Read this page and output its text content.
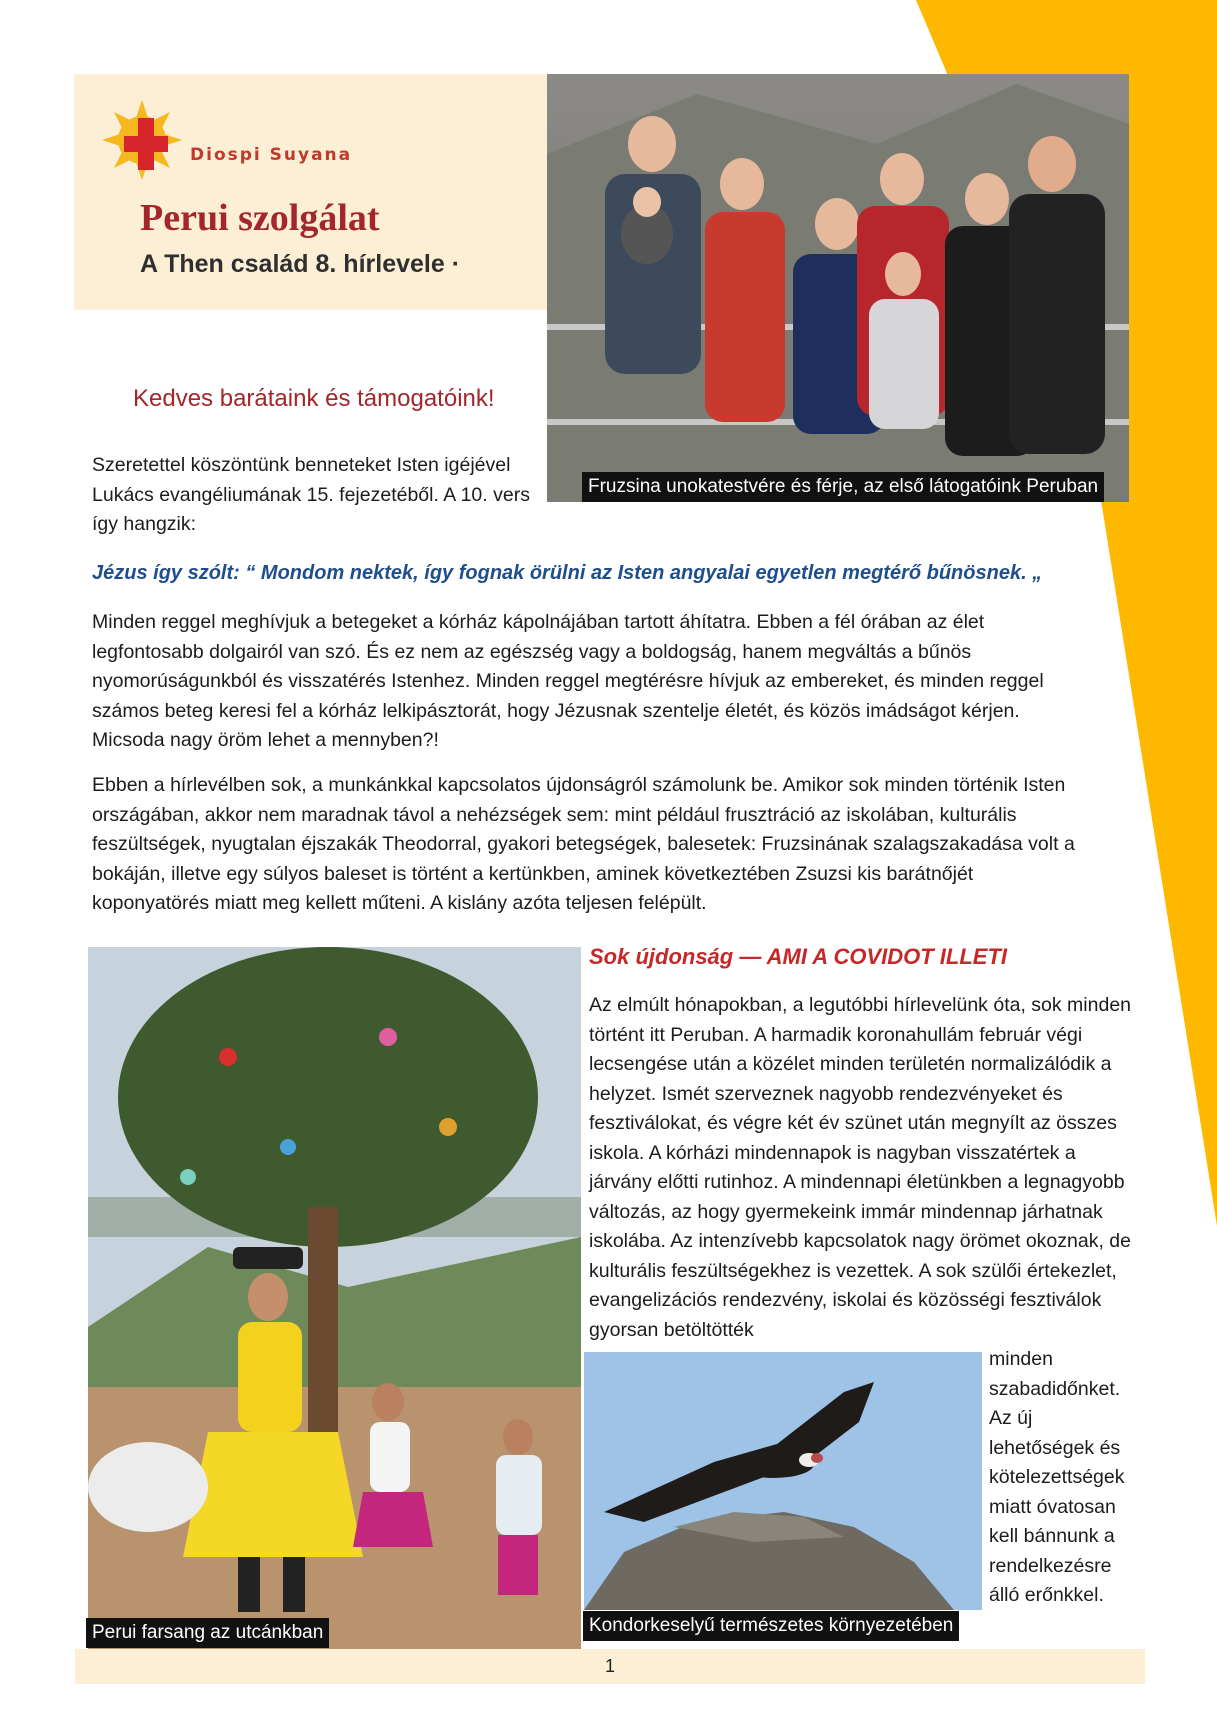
Diospi Suyana
Perui szolgálat
A Then család 8. hírlevele ·
Fruzsina unokatestvére és férje, az első látogatóink Peruban
Kedves barátaink és támogatóink!
Szeretettel köszöntünk benneteket Isten igéjével Lukács evangéliumának 15. fejezetéből. A 10. vers így hangzik:
Jézus így szólt: “ Mondom nektek, így fognak örülni az Isten angyalai egyetlen megtérő bűnösnek. „
Minden reggel meghívjuk a betegeket a kórház kápolnájában tartott áhítatra. Ebben a fél órában az élet legfontosabb dolgairól van szó. És ez nem az egészség vagy a boldogság, hanem megváltás a bűnös nyomorúságunkból és visszatérés Istenhez. Minden reggel megtérésre hívjuk az embereket, és minden reggel számos beteg keresi fel a kórház lelkipásztorát, hogy Jézusnak szentelje életét, és közös imádságot kérjen. Micsoda nagy öröm lehet a mennyben?!
Ebben a hírlevélben sok, a munkánkkal kapcsolatos újdonságról számolunk be. Amikor sok minden történik Isten országában, akkor nem maradnak távol a nehézségek sem: mint például frusztráció az iskolában, kulturális feszültségek, nyugtalan éjszakák Theodorral, gyakori betegségek, balesetek: Fruzsinának szalagszakadása volt a bokáján, illetve egy súlyos baleset is történt a kertünkben, aminek következtében Zsuzsi kis barátnőjét koponyatörés miatt meg kellett műteni. A kislány azóta teljesen felépült.
Perui farsang az utcánkban
Sok újdonság — AMI A COVIDOT ILLETI
Az elmúlt hónapokban, a legutóbbi hírlevelünk óta, sok minden történt itt Peruban. A harmadik koronahullám február végi lecsengése után a közélet minden területén normalizálódik a helyzet. Ismét szerveznek nagyobb rendezvényeket és fesztiválokat, és végre két év szünet után megnyílt az összes iskola. A kórházi mindennapok is nagyban visszatértek a járvány előtti rutinhoz. A mindennapi életünkben a legnagyobb változás, az hogy gyermekeink immár mindennap járhatnak iskolába. Az intenzívebb kapcsolatok nagy örömet okoznak, de kulturális feszültségekhez is vezettek. A sok szülői értekezlet, evangelizációs rendezvény, iskolai és közösségi fesztiválok gyorsan betöltötték
Kondorkeselyű természetes környezetében
minden szabadidőnket. Az új lehetőségek és kötelezettségek miatt óvatosan kell bánnunk a rendelkezésre álló erőnkkel.
1
